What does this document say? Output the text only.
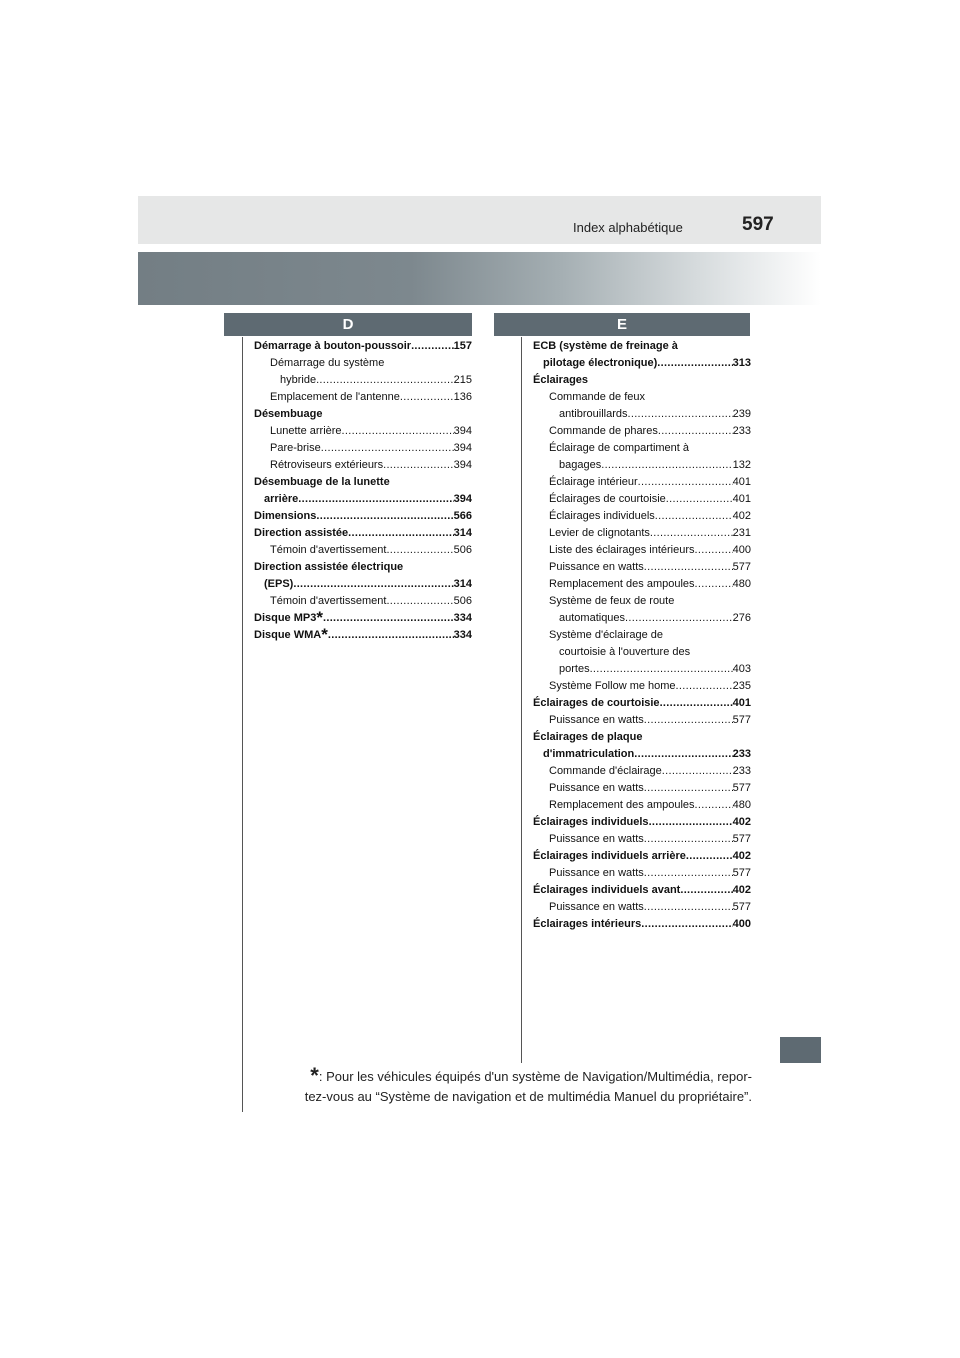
Index alphabétique	597
D	E
Démarrage à bouton-poussoir .....	157
Démarrage du système
hybride .....	215
Emplacement de l'antenne .....	136
Désembuage
Lunette arrière .....	394
Pare-brise .....	394
Rétroviseurs extérieurs .....	394
Désembuage de la lunette
arrière .....	394
Dimensions .....	566
Direction assistée .....	314
Témoin d'avertissement .....	506
Direction assistée électrique
(EPS) .....	314
Témoin d'avertissement .....	506
Disque MP3* .....	334
Disque WMA* .....	334
ECB (système de freinage à
pilotage électronique) .....	313
Éclairages
Commande de feux
antibrouillards .....	239
Commande de phares .....	233
Éclairage de compartiment à
bagages .....	132
Éclairage intérieur .....	401
Éclairages de courtoisie .....	401
Éclairages individuels .....	402
Levier de clignotants .....	231
Liste des éclairages intérieurs .....	400
Puissance en watts .....	577
Remplacement des ampoules .....	480
Système de feux de route
automatiques .....	276
Système d'éclairage de
courtoisie à l'ouverture des
portes .....	403
Système Follow me home .....	235
Éclairages de courtoisie .....	401
Puissance en watts .....	577
Éclairages de plaque
d'immatriculation .....	233
Commande d'éclairage .....	233
Puissance en watts .....	577
Remplacement des ampoules .....	480
Éclairages individuels .....	402
Puissance en watts .....	577
Éclairages individuels arrière .....	402
Puissance en watts .....	577
Éclairages individuels avant .....	402
Puissance en watts .....	577
Éclairages intérieurs .....	400
*: Pour les véhicules équipés d'un système de Navigation/Multimédia, repor-
tez-vous au “Système de navigation et de multimédia Manuel du propriétaire”.
